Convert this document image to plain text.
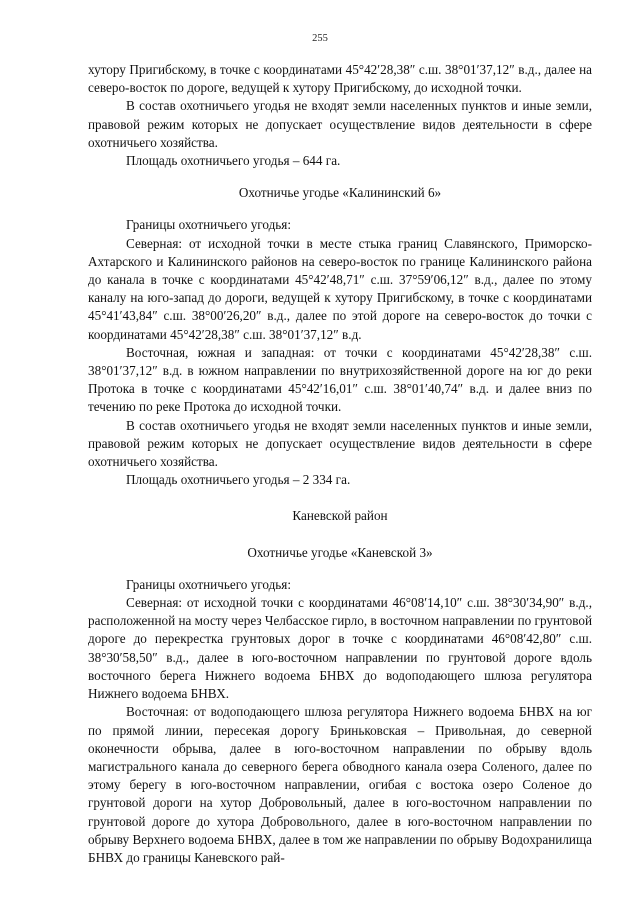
255

хутору Пригибскому, в точке с координатами 45°42′28,38″ с.ш. 38°01′37,12″ в.д., далее на северо-восток по дороге, ведущей к хутору Пригибскому, до исходной точки.

В состав охотничьего угодья не входят земли населенных пунктов и иные земли, правовой режим которых не допускает осуществление видов деятельности в сфере охотничьего хозяйства.

Площадь охотничьего угодья – 644 га.

Охотничье угодье «Калининский 6»

Границы охотничьего угодья:

Северная: от исходной точки в месте стыка границ Славянского, Приморско-Ахтарского и Калининского районов на северо-восток по границе Калининского района до канала в точке с координатами 45°42′48,71″ с.ш. 37°59′06,12″ в.д., далее по этому каналу на юго-запад до дороги, ведущей к хутору Пригибскому, в точке с координатами 45°41′43,84″ с.ш. 38°00′26,20″ в.д., далее по этой дороге на северо-восток до точки с координатами 45°42′28,38″ с.ш. 38°01′37,12″ в.д.

Восточная, южная и западная: от точки с координатами 45°42′28,38″ с.ш. 38°01′37,12″ в.д. в южном направлении по внутрихозяйственной дороге на юг до реки Протока в точке с координатами 45°42′16,01″ с.ш. 38°01′40,74″ в.д. и далее вниз по течению по реке Протока до исходной точки.

В состав охотничьего угодья не входят земли населенных пунктов и иные земли, правовой режим которых не допускает осуществление видов деятельности в сфере охотничьего хозяйства.

Площадь охотничьего угодья – 2 334 га.

Каневской район

Охотничье угодье «Каневской 3»

Границы охотничьего угодья:

Северная: от исходной точки с координатами 46°08′14,10″ с.ш. 38°30′34,90″ в.д., расположенной на мосту через Челбасское гирло, в восточном направлении по грунтовой дороге до перекрестка грунтовых дорог в точке с координатами 46°08′42,80″ с.ш. 38°30′58,50″ в.д., далее в юго-восточном направлении по грунтовой дороге вдоль восточного берега Нижнего водоема БНВХ до водоподающего шлюза регулятора Нижнего водоема БНВХ.

Восточная: от водоподающего шлюза регулятора Нижнего водоема БНВХ на юг по прямой линии, пересекая дорогу Бриньковская – Привольная, до северной оконечности обрыва, далее в юго-восточном направлении по обрыву вдоль магистрального канала до северного берега обводного канала озера Соленого, далее по этому берегу в юго-восточном направлении, огибая с востока озеро Соленое до грунтовой дороги на хутор Добровольный, далее в юго-восточном направлении по грунтовой дороге до хутора Добровольного, далее в юго-восточном направлении по обрыву Верхнего водоема БНВХ, далее в том же направлении по обрыву Водохранилища БНВХ до границы Каневского рай-
